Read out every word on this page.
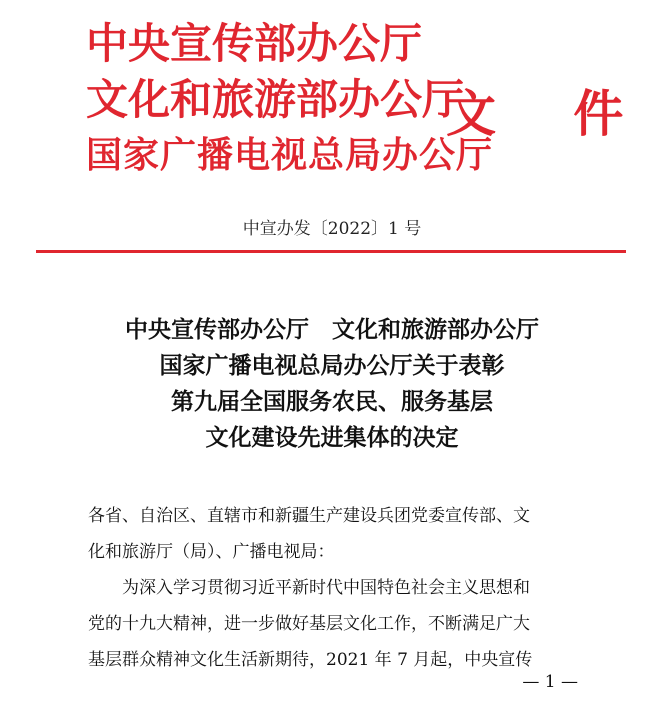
中央宣传部办公厅
文化和旅游部办公厅
国家广播电视总局办公厅
文 件
中宣办发〔2022〕1 号
中央宣传部办公厅　文化和旅游部办公厅
国家广播电视总局办公厅关于表彰
第九届全国服务农民、服务基层
文化建设先进集体的决定
各省、自治区、直辖市和新疆生产建设兵团党委宣传部、文
化和旅游厅（局）、广播电视局：
为深入学习贯彻习近平新时代中国特色社会主义思想和
党的十九大精神，进一步做好基层文化工作，不断满足广大
基层群众精神文化生活新期待，2021 年 7 月起，中央宣传
— 1 —
